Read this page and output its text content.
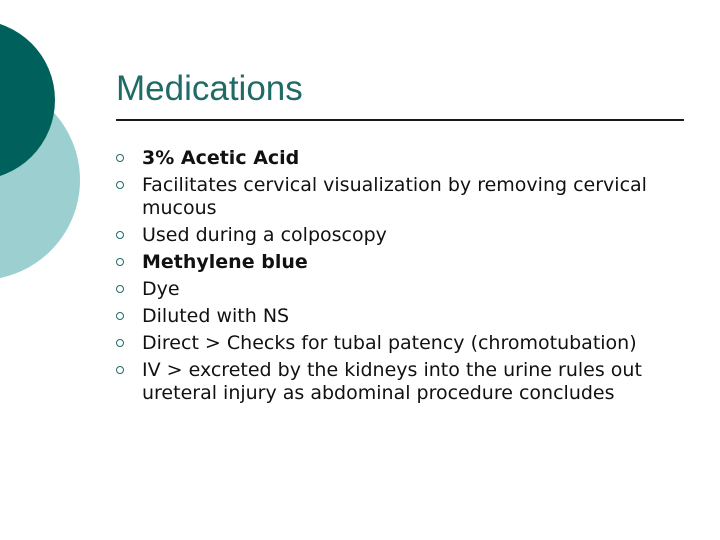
Medications
3% Acetic Acid
Facilitates cervical visualization by removing cervical mucous
Used during a colposcopy
Methylene blue
Dye
Diluted with NS
Direct > Checks for tubal patency (chromotubation)
IV > excreted by the kidneys into the urine rules out ureteral injury as abdominal procedure concludes
